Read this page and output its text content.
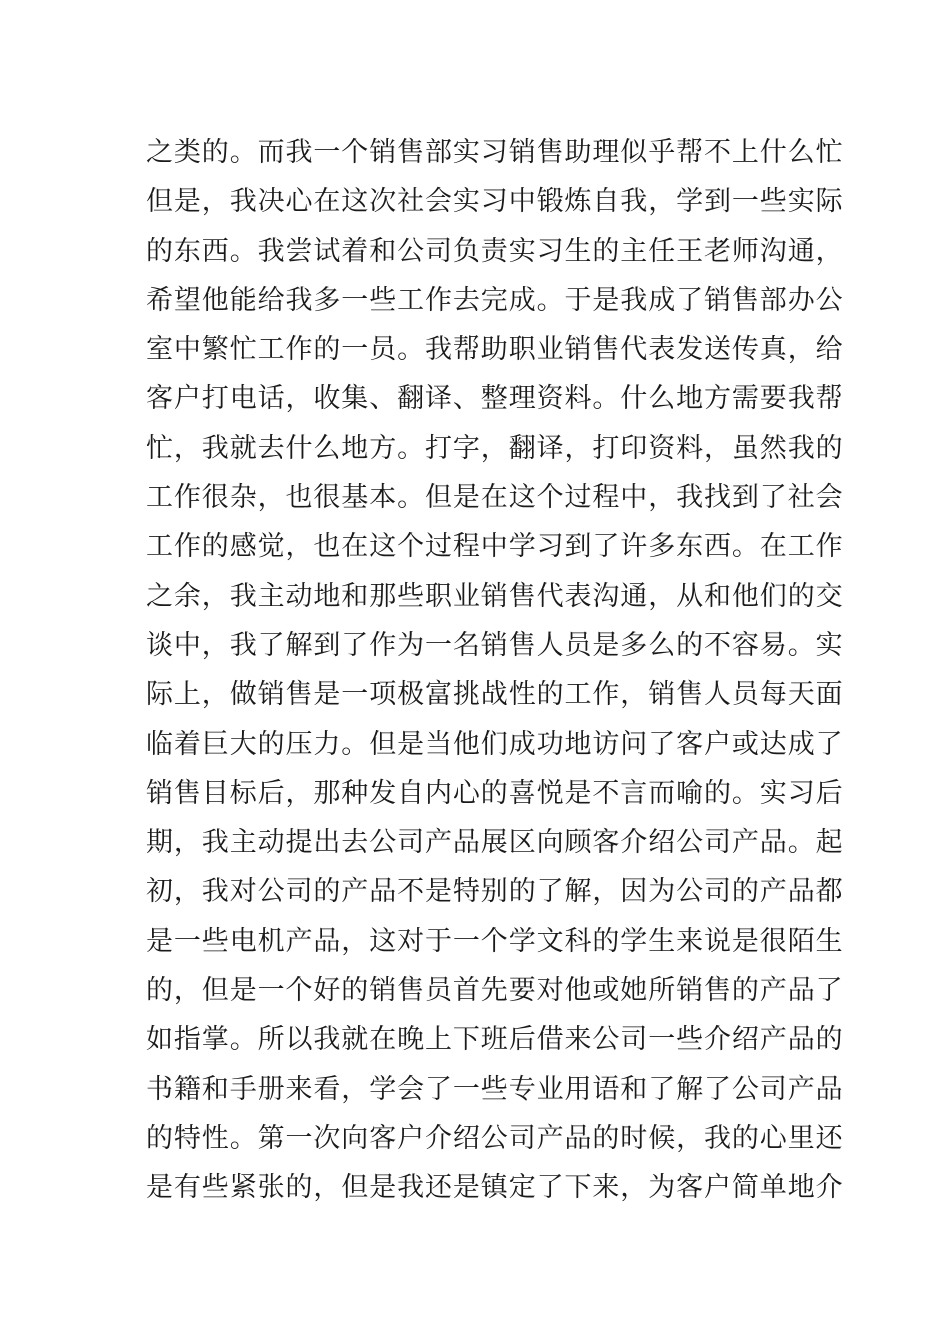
之类的。而我一个销售部实习销售助理似乎帮不上什么忙
但是，我决心在这次社会实习中锻炼自我，学到一些实际
的东西。我尝试着和公司负责实习生的主任王老师沟通，
希望他能给我多一些工作去完成。于是我成了销售部办公
室中繁忙工作的一员。我帮助职业销售代表发送传真，给
客户打电话，收集、翻译、整理资料。什么地方需要我帮
忙，我就去什么地方。打字，翻译，打印资料，虽然我的
工作很杂，也很基本。但是在这个过程中，我找到了社会
工作的感觉，也在这个过程中学习到了许多东西。在工作
之余，我主动地和那些职业销售代表沟通，从和他们的交
谈中，我了解到了作为一名销售人员是多么的不容易。实
际上，做销售是一项极富挑战性的工作，销售人员每天面
临着巨大的压力。但是当他们成功地访问了客户或达成了
销售目标后，那种发自内心的喜悦是不言而喻的。实习后
期，我主动提出去公司产品展区向顾客介绍公司产品。起
初，我对公司的产品不是特别的了解，因为公司的产品都
是一些电机产品，这对于一个学文科的学生来说是很陌生
的，但是一个好的销售员首先要对他或她所销售的产品了
如指掌。所以我就在晚上下班后借来公司一些介绍产品的
书籍和手册来看，学会了一些专业用语和了解了公司产品
的特性。第一次向客户介绍公司产品的时候，我的心里还
是有些紧张的，但是我还是镇定了下来，为客户简单地介
